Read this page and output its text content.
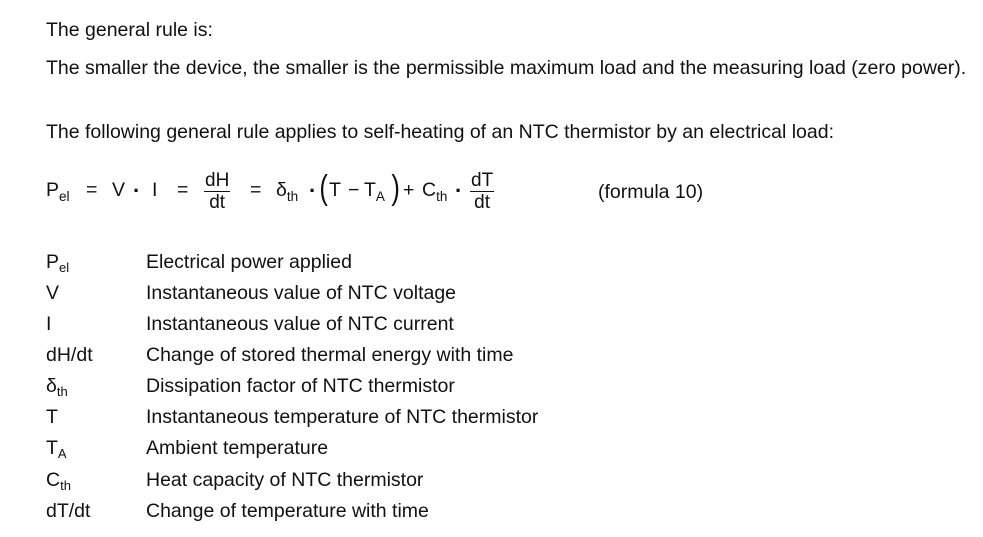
The general rule is:

The smaller the device, the smaller is the permissible maximum load and the measuring load (zero power).

The following general rule applies to self-heating of an NTC thermistor by an electrical load:

$P_{el} = V \cdot I$ = dH
dt
= $\delta_{th}$ · ( $T - T_A$ ) + $C_{th}$ · dT
dt	(formula 10)
$P_{el}$	Electrical power applied
V	Instantaneous value of NTC voltage
I	Instantaneous value of NTC current
dH/dt	Change of stored thermal energy with time
$\delta_{th}$	Dissipation factor of NTC thermistor
T	Instantaneous temperature of NTC thermistor
$T_A$	Ambient temperature
$C_{th}$	Heat capacity of NTC thermistor
dT/dt	Change of temperature with time
